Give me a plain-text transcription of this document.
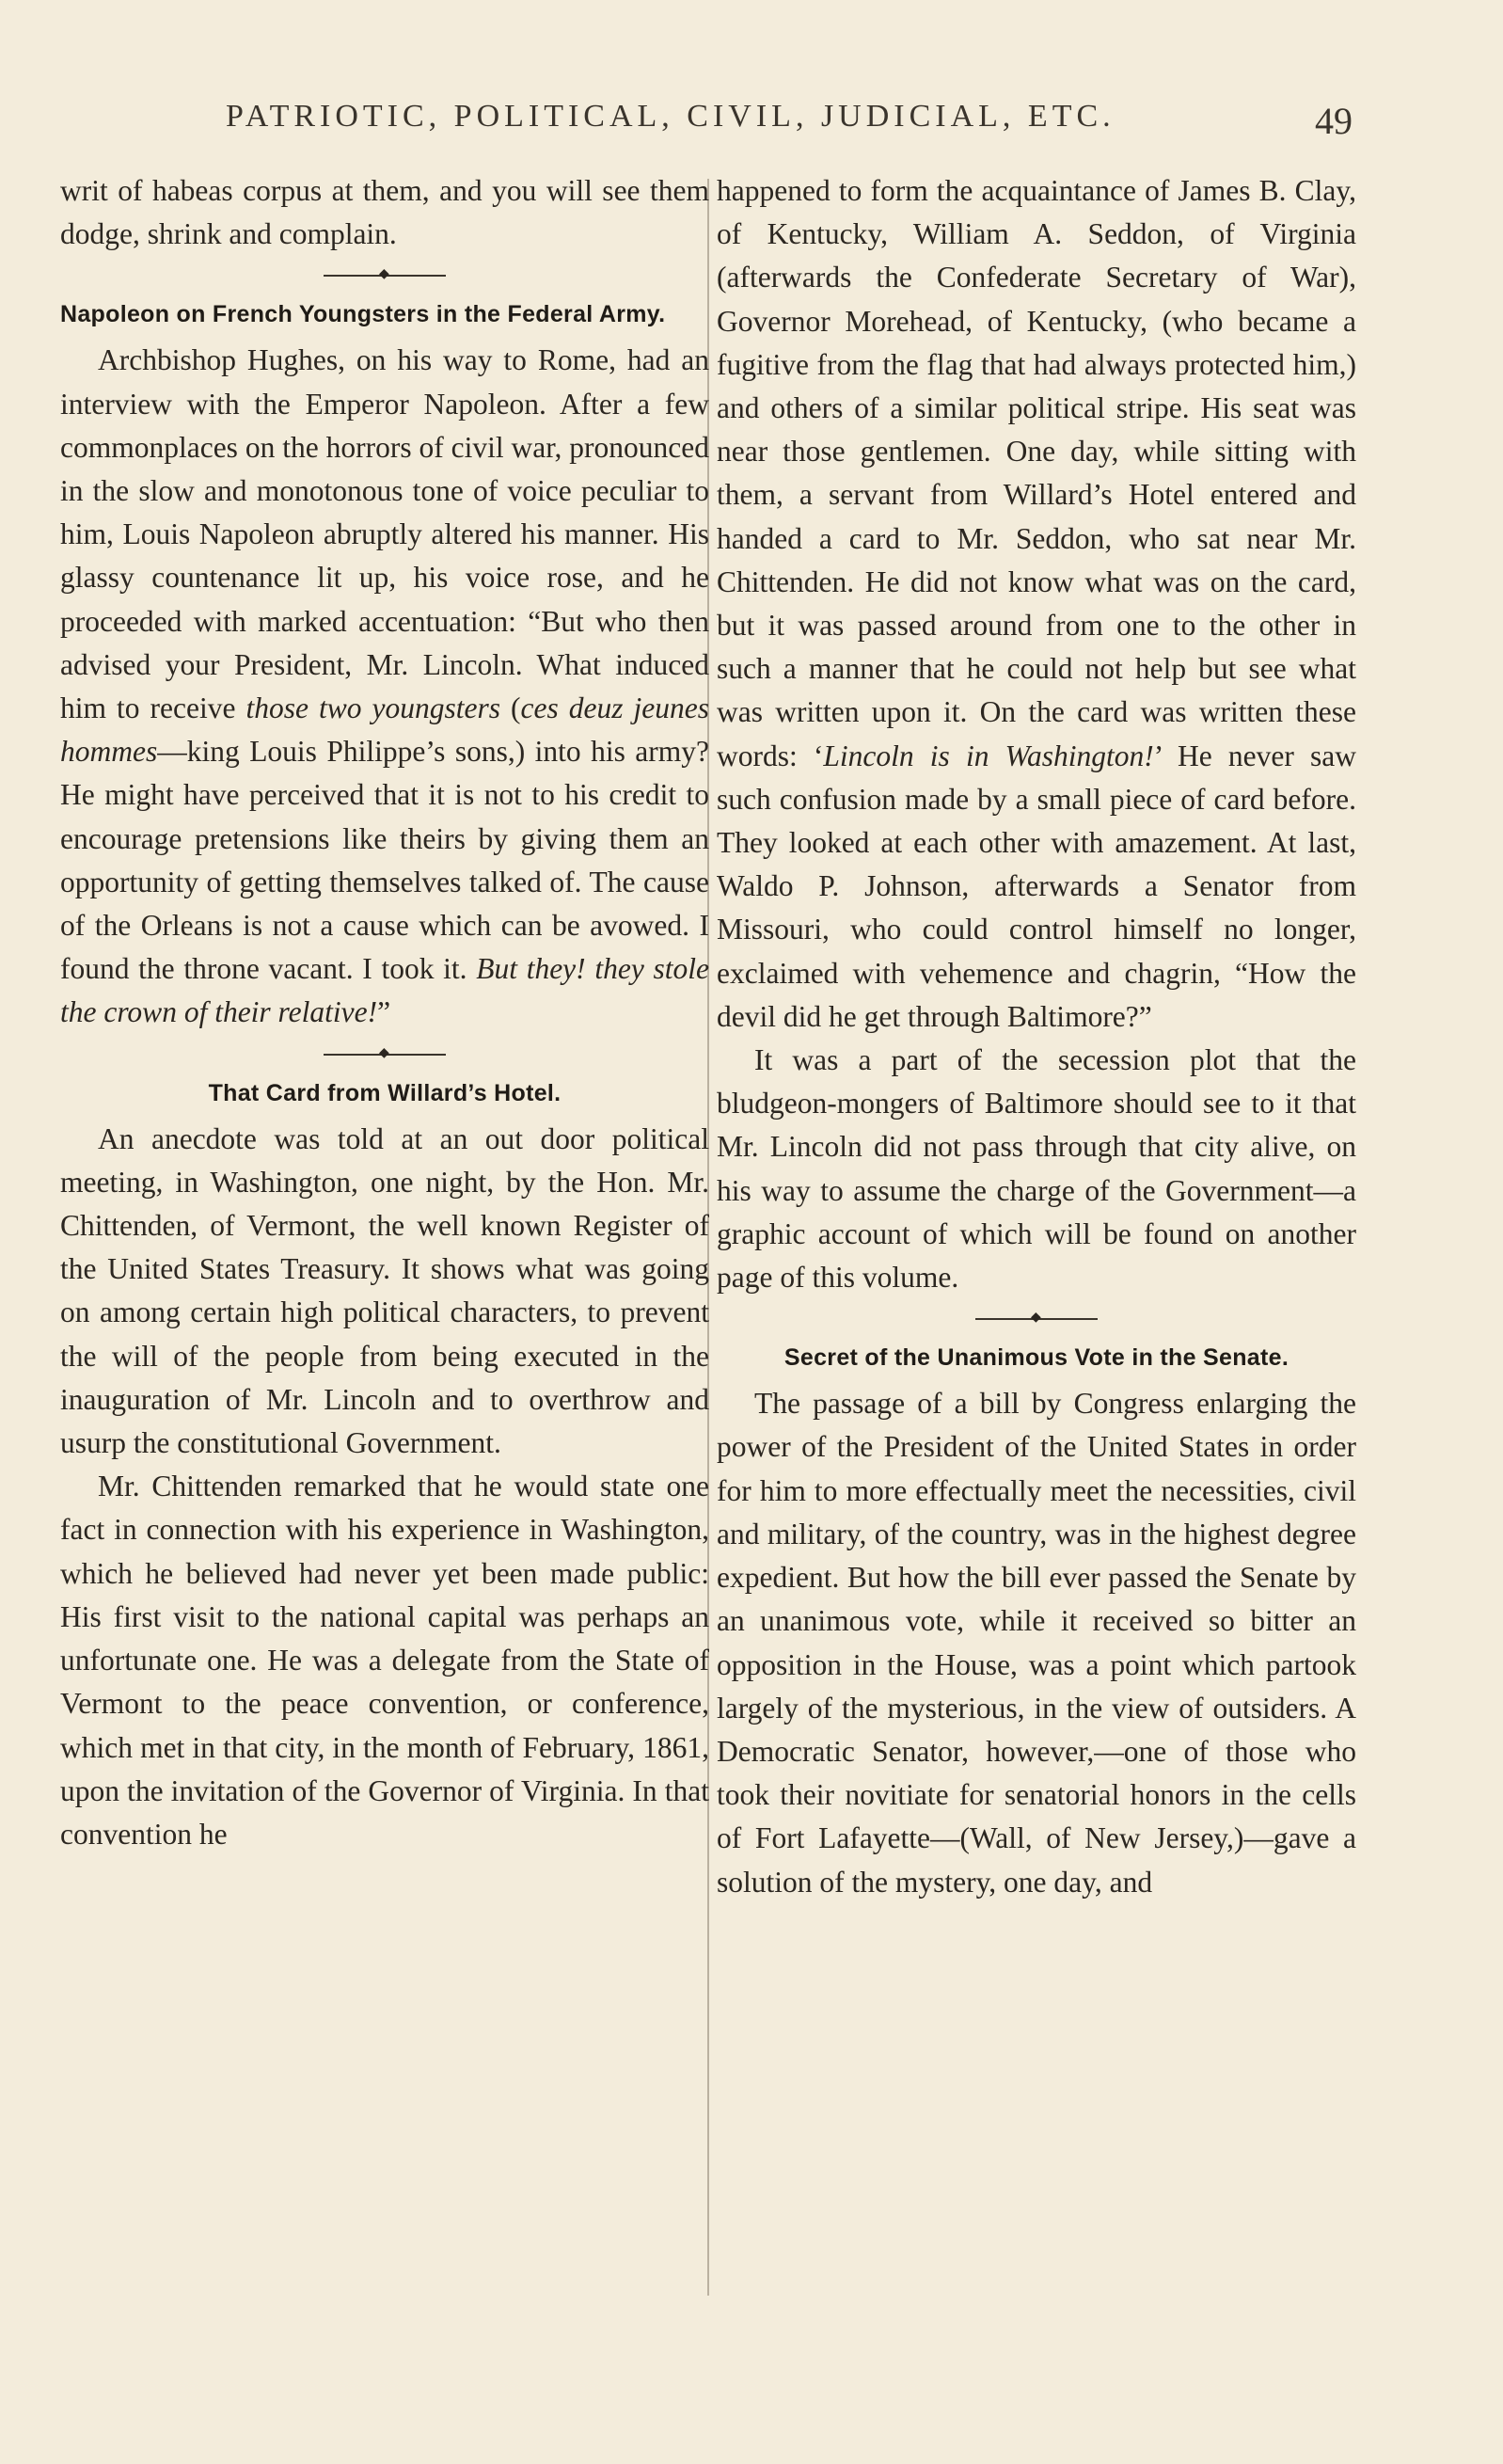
PATRIOTIC, POLITICAL, CIVIL, JUDICIAL, ETC.	49

writ of habeas corpus at them, and you will see them dodge, shrink and complain.

◆
Napoleon on French Youngsters in the Federal Army.

Archbishop Hughes, on his way to Rome, had an interview with the Emperor Napoleon. After a few commonplaces on the horrors of civil war, pronounced in the slow and monotonous tone of voice peculiar to him, Louis Napoleon abruptly altered his manner. His glassy countenance lit up, his voice rose, and he proceeded with marked accentuation: “But who then advised your President, Mr. Lincoln. What induced him to receive those two youngsters (ces deuz jeunes hommes—king Louis Philippe’s sons,) into his army? He might have perceived that it is not to his credit to encourage pretensions like theirs by giving them an opportunity of getting themselves talked of. The cause of the Orleans is not a cause which can be avowed. I found the throne vacant. I took it. But they! they stole the crown of their relative!”

◆
That Card from Willard’s Hotel.

An anecdote was told at an out door political meeting, in Washington, one night, by the Hon. Mr. Chittenden, of Vermont, the well known Register of the United States Treasury. It shows what was going on among certain high political characters, to prevent the will of the people from being executed in the inauguration of Mr. Lincoln and to overthrow and usurp the constitutional Government.

Mr. Chittenden remarked that he would state one fact in connection with his experience in Washington, which he believed had never yet been made public: His first visit to the national capital was perhaps an unfortunate one. He was a delegate from the State of Vermont to the peace convention, or conference, which met in that city, in the month of February, 1861, upon the invitation of the Governor of Virginia. In that convention he

happened to form the acquaintance of James B. Clay, of Kentucky, William A. Seddon, of Virginia (afterwards the Confederate Secretary of War), Governor Morehead, of Kentucky, (who became a fugitive from the flag that had always protected him,) and others of a similar political stripe. His seat was near those gentlemen. One day, while sitting with them, a servant from Willard’s Hotel entered and handed a card to Mr. Seddon, who sat near Mr. Chittenden. He did not know what was on the card, but it was passed around from one to the other in such a manner that he could not help but see what was written upon it. On the card was written these words: ‘Lincoln is in Washington!’ He never saw such confusion made by a small piece of card before. They looked at each other with amazement. At last, Waldo P. Johnson, afterwards a Senator from Missouri, who could control himself no longer, exclaimed with vehemence and chagrin, “How the devil did he get through Baltimore?”

It was a part of the secession plot that the bludgeon-mongers of Baltimore should see to it that Mr. Lincoln did not pass through that city alive, on his way to assume the charge of the Government—a graphic account of which will be found on another page of this volume.

◆
Secret of the Unanimous Vote in the Senate.

The passage of a bill by Congress enlarging the power of the President of the United States in order for him to more effectually meet the necessities, civil and military, of the country, was in the highest degree expedient. But how the bill ever passed the Senate by an unanimous vote, while it received so bitter an opposition in the House, was a point which partook largely of the mysterious, in the view of outsiders. A Democratic Senator, however,—one of those who took their novitiate for senatorial honors in the cells of Fort Lafayette—(Wall, of New Jersey,)—gave a solution of the mystery, one day, and
